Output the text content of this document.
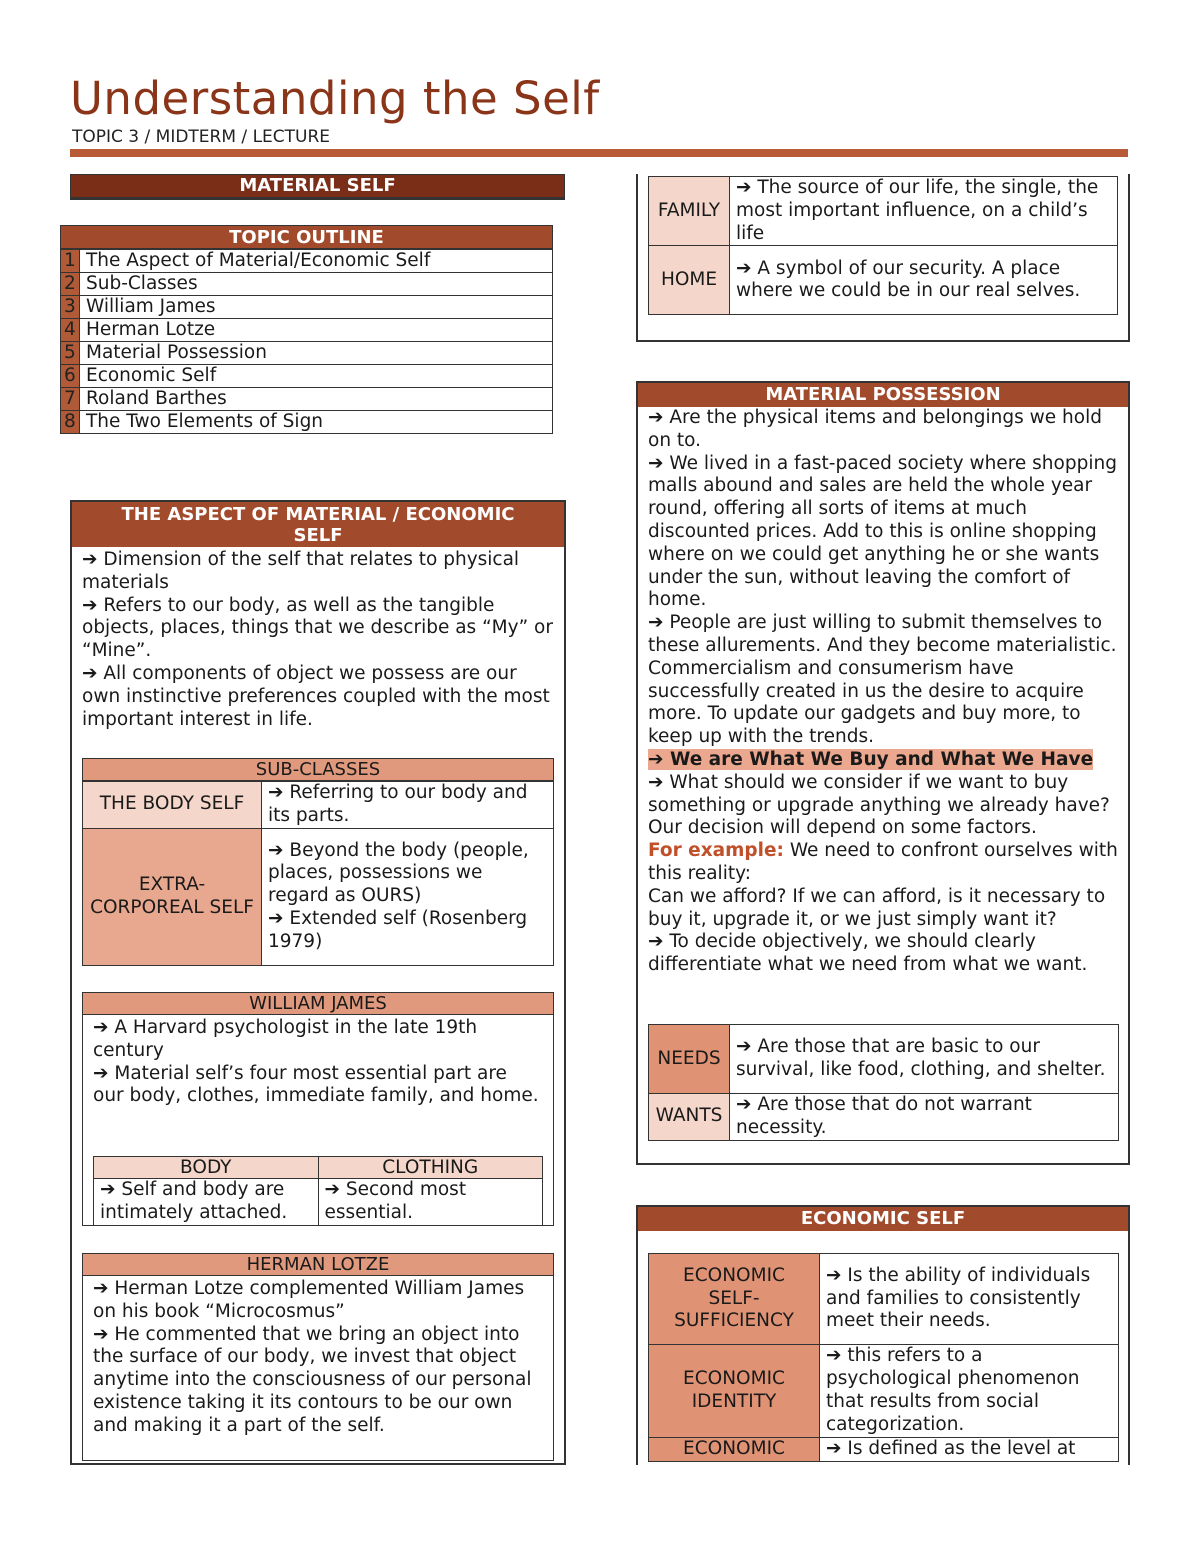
Understanding the Self
TOPIC 3 / MIDTERM / LECTURE
MATERIAL SELF
TOPIC OUTLINE
1	The Aspect of Material/Economic Self
2	Sub-Classes
3	William James
4	Herman Lotze
5	Material Possession
6	Economic Self
7	Roland Barthes
8	The Two Elements of Sign
THE ASPECT OF MATERIAL / ECONOMIC SELF
➔ Dimension of the self that relates to physical materials
➔ Refers to our body, as well as the tangible objects, places, things that we describe as “My” or “Mine”.
➔ All components of object we possess are our own instinctive preferences coupled with the most important interest in life.
SUB-CLASSES
THE BODY SELF	➔ Referring to our body and its parts.
EXTRA-CORPOREAL SELF	➔ Beyond the body (people, places, possessions we regard as OURS)
➔ Extended self (Rosenberg 1979)
WILLIAM JAMES
➔ A Harvard psychologist in the late 19th century
➔ Material self’s four most essential part are our body, clothes, immediate family, and home.
BODY	CLOTHING
➔ Self and body are intimately attached.	➔ Second most essential.
HERMAN LOTZE
➔ Herman Lotze complemented William James on his book “Microcosmus”
➔ He commented that we bring an object into the surface of our body, we invest that object anytime into the consciousness of our personal existence taking it its contours to be our own and making it a part of the self.
FAMILY	➔ The source of our life, the single, the most important influence, on a child’s life
HOME	➔ A symbol of our security. A place where we could be in our real selves.
MATERIAL POSSESSION
➔ Are the physical items and belongings we hold on to.
➔ We lived in a fast-paced society where shopping malls abound and sales are held the whole year round, offering all sorts of items at much discounted prices. Add to this is online shopping where on we could get anything he or she wants under the sun, without leaving the comfort of home.
➔ People are just willing to submit themselves to these allurements. And they become materialistic. Commercialism and consumerism have successfully created in us the desire to acquire more. To update our gadgets and buy more, to keep up with the trends.
➔ We are What We Buy and What We Have
➔ What should we consider if we want to buy something or upgrade anything we already have? Our decision will depend on some factors.
For example: We need to confront ourselves with this reality:
Can we afford? If we can afford, is it necessary to buy it, upgrade it, or we just simply want it?
➔ To decide objectively, we should clearly differentiate what we need from what we want.
NEEDS	➔ Are those that are basic to our survival, like food, clothing, and shelter.
WANTS	➔ Are those that do not warrant necessity.
ECONOMIC SELF
ECONOMIC SELF-SUFFICIENCY	➔ Is the ability of individuals and families to consistently meet their needs.
ECONOMIC IDENTITY	➔ this refers to a psychological phenomenon that results from social categorization.
ECONOMIC	➔ Is defined as the level at
